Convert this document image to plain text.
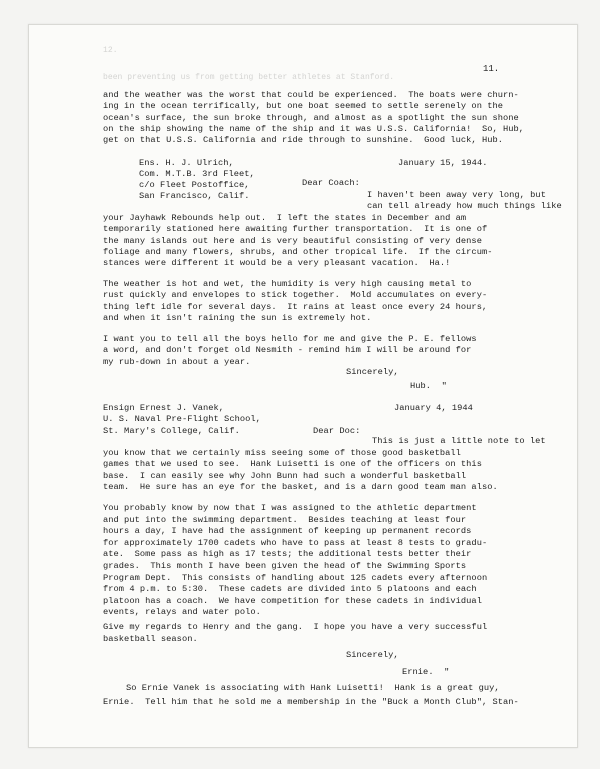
12.
been preventing us from getting better athletes at Stanford.
11.
and the weather was the worst that could be experienced.  The boats were churn-
ing in the ocean terrifically, but one boat seemed to settle serenely on the
ocean's surface, the sun broke through, and almost as a spotlight the sun shone
on the ship showing the name of the ship and it was U.S.S. California!  So, Hub,
get on that U.S.S. California and ride through to sunshine.  Good luck, Hub.
Ens. H. J. Ulrich,
Com. M.T.B. 3rd Fleet,
c/o Fleet Postoffice,
San Francisco, Calif.
January 15, 1944.
Dear Coach:
I haven't been away very long, but
can tell already how much things like
your Jayhawk Rebounds help out.  I left the states in December and am
temporarily stationed here awaiting further transportation.  It is one of
the many islands out here and is very beautiful consisting of very dense
foliage and many flowers, shrubs, and other tropical life.  If the circum-
stances were different it would be a very pleasant vacation.  Ha.!
The weather is hot and wet, the humidity is very high causing metal to
rust quickly and envelopes to stick together.  Mold accumulates on every-
thing left idle for several days.  It rains at least once every 24 hours,
and when it isn't raining the sun is extremely hot.
I want you to tell all the boys hello for me and give the P. E. fellows
a word, and don't forget old Nesmith - remind him I will be around for
my rub-down in about a year.
Sincerely,
Hub.  "
Ensign Ernest J. Vanek,
U. S. Naval Pre-Flight School,
St. Mary's College, Calif.
January 4, 1944
Dear Doc:
This is just a little note to let
you know that we certainly miss seeing some of those good basketball
games that we used to see.  Hank Luisetti is one of the officers on this
base.  I can easily see why John Bunn had such a wonderful basketball
team.  He sure has an eye for the basket, and is a darn good team man also.
You probably know by now that I was assigned to the athletic department
and put into the swimming department.  Besides teaching at least four
hours a day, I have had the assignment of keeping up permanent records
for approximately 1700 cadets who have to pass at least 8 tests to gradu-
ate.  Some pass as high as 17 tests; the additional tests better their
grades.  This month I have been given the head of the Swimming Sports
Program Dept.  This consists of handling about 125 cadets every afternoon
from 4 p.m. to 5:30.  These cadets are divided into 5 platoons and each
platoon has a coach.  We have competition for these cadets in individual
events, relays and water polo.
Give my regards to Henry and the gang.  I hope you have a very successful
basketball season.
Sincerely,
Ernie.  "
So Ernie Vanek is associating with Hank Luisetti!  Hank is a great guy,
Ernie.  Tell him that he sold me a membership in the "Buck a Month Club", Stan-
